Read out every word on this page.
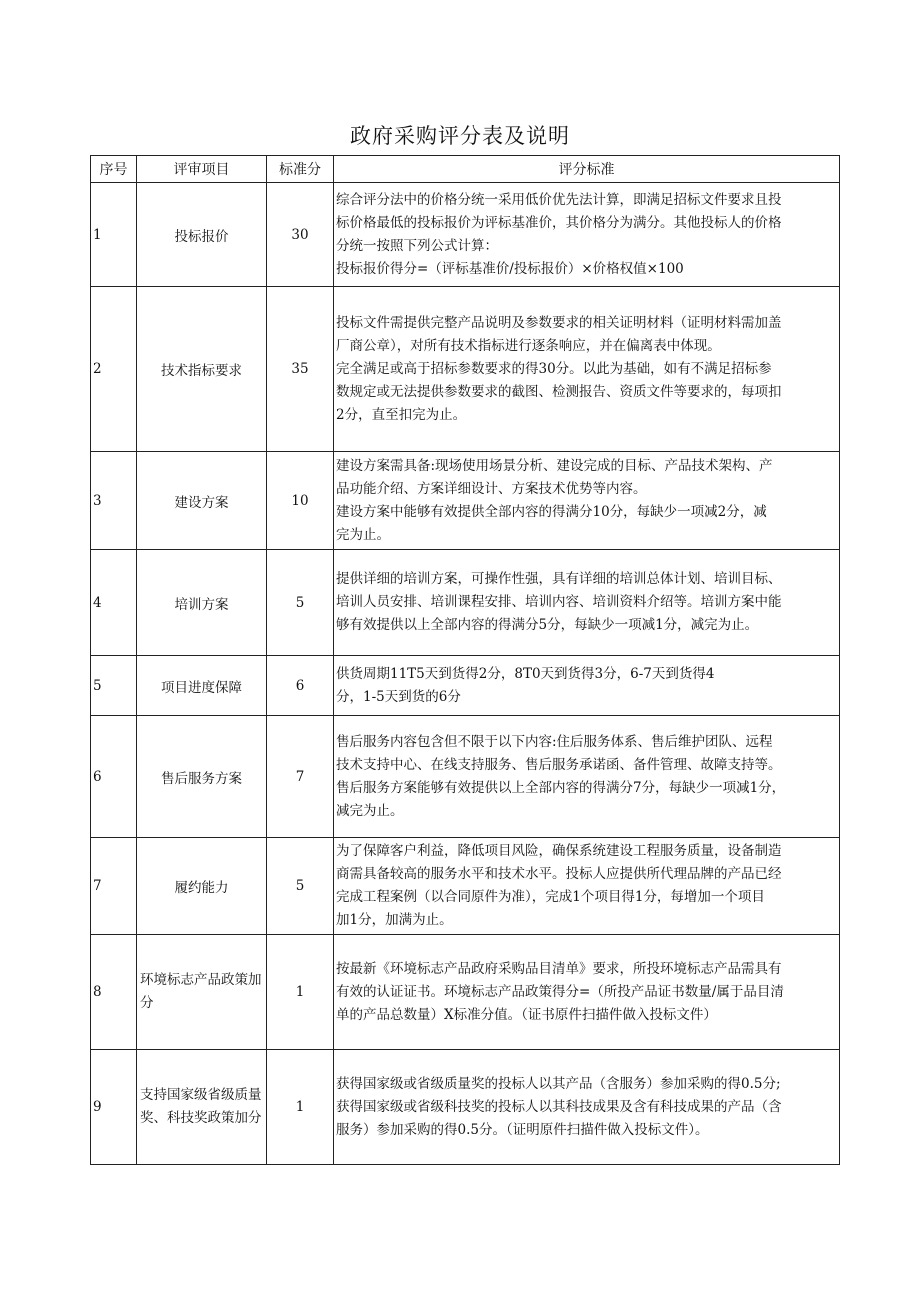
政府采购评分表及说明
序号	评审项目	标准分	评分标准
1	投标报价	30	综合评分法中的价格分统一采用低价优先法计算，即满足招标文件要求且投
标价格最低的投标报价为评标基准价，其价格分为满分。其他投标人的价格
分统一按照下列公式计算：
投标报价得分=（评标基准价/投标报价）×价格权值×100

2	技术指标要求	35	投标文件需提供完整产品说明及参数要求的相关证明材料（证明材料需加盖
厂商公章），对所有技术指标进行逐条响应，并在偏离表中体现。
完全满足或高于招标参数要求的得30分。以此为基础，如有不满足招标参
数规定或无法提供参数要求的截图、检测报告、资质文件等要求的，每项扣
2分，直至扣完为止。

3	建设方案	10	建设方案需具备:现场使用场景分析、建设完成的目标、产品技术架构、产
品功能介绍、方案详细设计、方案技术优势等内容。
建设方案中能够有效提供全部内容的得满分10分，每缺少一项减2分，减
完为止。

4	培训方案	5	提供详细的培训方案，可操作性强，具有详细的培训总体计划、培训目标、
培训人员安排、培训课程安排、培训内容、培训资料介绍等。培训方案中能
够有效提供以上全部内容的得满分5分，每缺少一项减1分，减完为止。

5	项目进度保障	6	供货周期11T5天到货得2分，8T0天到货得3分，6-7天到货得4
分，1-5天到货的6分

6	售后服务方案	7	售后服务内容包含但不限于以下内容:住后服务体系、售后维护团队、远程
技术支持中心、在线支持服务、售后服务承诺函、备件管理、故障支持等。
售后服务方案能够有效提供以上全部内容的得满分7分，每缺少一项减1分，
减完为止。

7	履约能力	5	为了保障客户利益，降低项目风险，确保系统建设工程服务质量，设备制造
商需具备较高的服务水平和技术水平。投标人应提供所代理品牌的产品已经
完成工程案例（以合同原件为准），完成1个项目得1分，每增加一个项目
加1分，加满为止。

8	环境标志产品政策加分	1	按最新《环境标志产品政府采购品目清单》要求，所投环境标志产品需具有
有效的认证证书。环境标志产品政策得分=（所投产品证书数量/属于品目清
单的产品总数量）X标准分值。（证书原件扫描件做入投标文件）

9	支持国家级省级质量奖、科技奖政策加分	1	获得国家级或省级质量奖的投标人以其产品（含服务）参加采购的得0.5分;
获得国家级或省级科技奖的投标人以其科技成果及含有科技成果的产品（含
服务）参加采购的得0.5分。（证明原件扫描件做入投标文件）。
